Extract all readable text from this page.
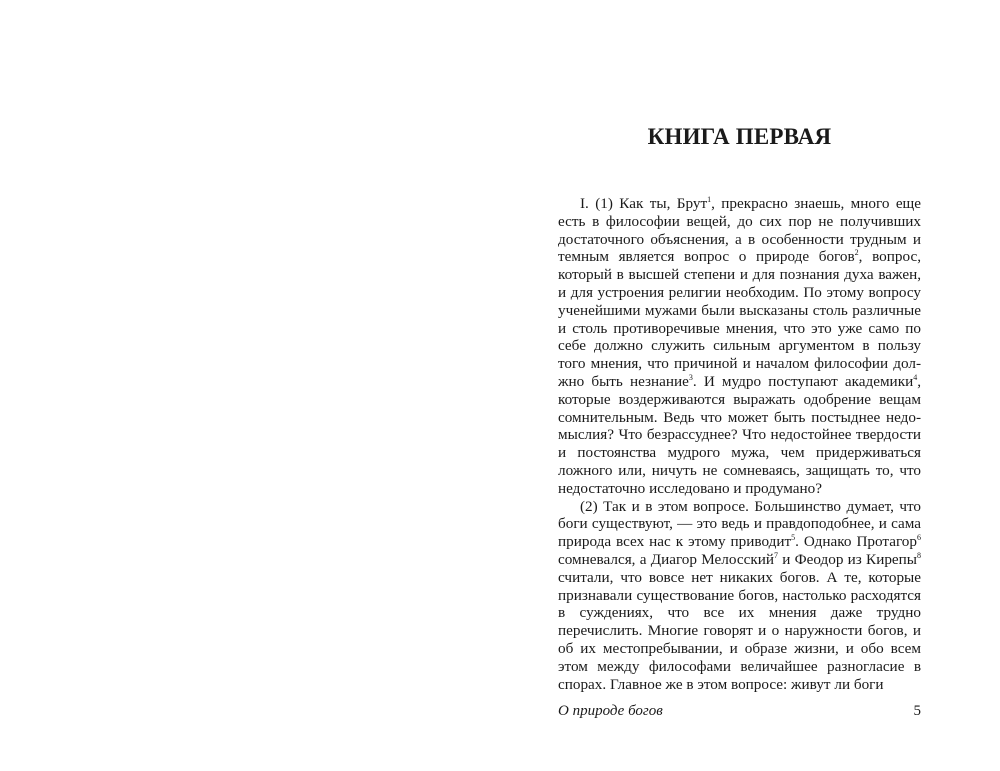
КНИГА ПЕРВАЯ

I. (1) Как ты, Брут$^1$, прекрасно знаешь, много еще есть в философии вещей, до сих пор не получивших достаточного объяснения, а в особенности трудным и темным является вопрос о природе богов$^2$, вопрос, который в высшей степени и для познания духа важен, и для устроения религии необходим. По этому вопросу ученейшими мужами были высказаны столь различные и столь противоречивые мнения, что это уже само по себе должно служить сильным аргументом в пользу того мнения, что причиной и началом философии должно быть незнание$^3$. И мудро поступают академики$^4$, которые воздерживаются выражать одобрение вещам сомнительным. Ведь что может быть постыднее недомыслия? Что безрассуднее? Что недостойнее твердости и постоянства мудрого мужа, чем придерживаться ложного или, ничуть не сомневаясь, защищать то, что недостаточно исследовано и продумано?

(2) Так и в этом вопросе. Большинство думает, что боги существуют, — это ведь и правдоподобнее, и сама природа всех нас к этому приводит$^5$. Однако Протагор$^6$ сомневался, а Диагор Мелосский$^7$ и Феодор из Кирепы$^8$ считали, что вовсе нет никаких богов. А те, которые признавали существование богов, настолько расходятся в суждениях, что все их мнения даже трудно перечислить. Многие говорят и о наружности богов, и об их местопребывании, и образе жизни, и обо всем этом между философами величайшее разногласие в спорах. Главное же в этом вопросе: живут ли боги

О природе богов	5
